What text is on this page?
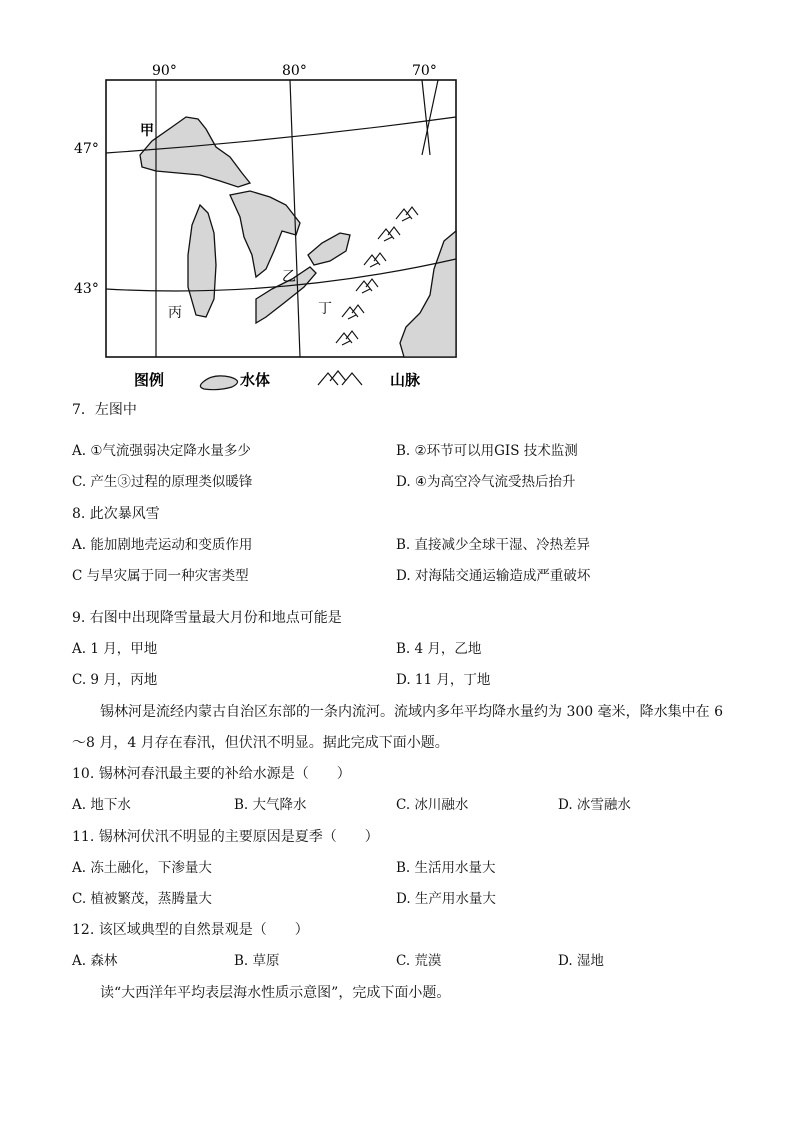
90°	80°	70°
47°
43°
甲
乙
丙	丁
图例	水体	山脉
7．左图中
A. ①气流强弱决定降水量多少	B. ②环节可以用GIS 技术监测
C. 产生③过程的原理类似暖锋	D. ④为高空冷气流受热后抬升
8. 此次暴风雪
A. 能加剧地壳运动和变质作用	B. 直接减少全球干湿、冷热差异
C 与旱灾属于同一种灾害类型	D. 对海陆交通运输造成严重破坏
9. 右图中出现降雪量最大月份和地点可能是
A. 1 月，甲地	B. 4 月，乙地
C. 9 月，丙地	D. 11 月，丁地
锡林河是流经内蒙古自治区东部的一条内流河。流域内多年平均降水量约为 300 毫米，降水集中在 6～8 月，4 月存在春汛，但伏汛不明显。据此完成下面小题。
10. 锡林河春汛最主要的补给水源是（　　）
A. 地下水	B. 大气降水	C. 冰川融水	D. 冰雪融水
11. 锡林河伏汛不明显的主要原因是夏季（　　）
A. 冻土融化，下渗量大	B. 生活用水量大
C. 植被繁茂，蒸腾量大	D. 生产用水量大
12. 该区域典型的自然景观是（　　）
A. 森林	B. 草原	C. 荒漠	D. 湿地
读“大西洋年平均表层海水性质示意图”，完成下面小题。
